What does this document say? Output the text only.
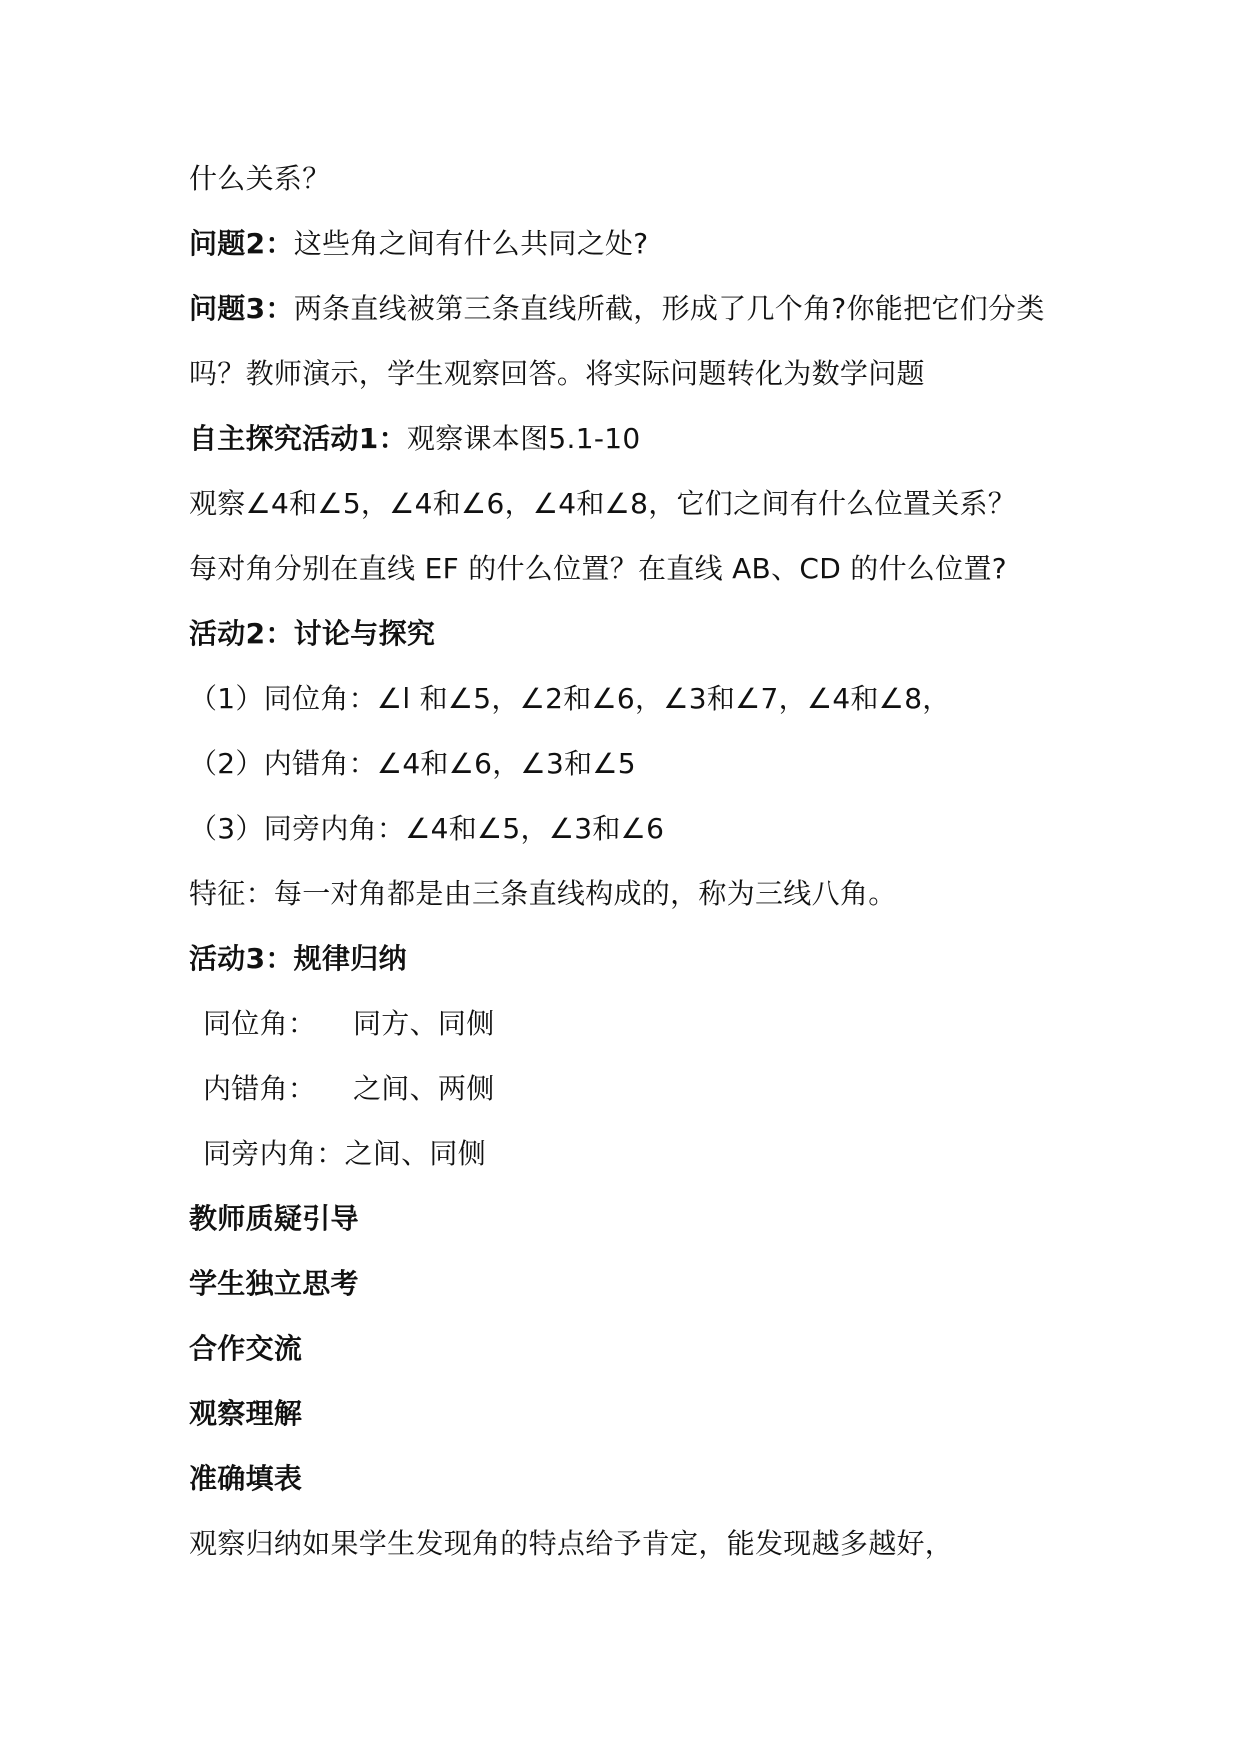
什么关系？
问题2：这些角之间有什么共同之处?
问题3：两条直线被第三条直线所截，形成了几个角?你能把它们分类
吗？教师演示，学生观察回答。将实际问题转化为数学问题
自主探究活动1：观察课本图5.1-10
观察∠4和∠5，∠4和∠6，∠4和∠8，它们之间有什么位置关系？
每对角分别在直线 EF 的什么位置？在直线 AB、CD 的什么位置?
活动2：讨论与探究
（1）同位角：∠l 和∠5，∠2和∠6，∠3和∠7，∠4和∠8，
（2）内错角：∠4和∠6，∠3和∠5
（3）同旁内角：∠4和∠5，∠3和∠6
特征：每一对角都是由三条直线构成的，称为三线八角。
活动3：规律归纳
同位角： 同方、同侧
内错角： 之间、两侧
同旁内角：之间、同侧
教师质疑引导
学生独立思考
合作交流
观察理解
准确填表
观察归纳如果学生发现角的特点给予肯定，能发现越多越好，
